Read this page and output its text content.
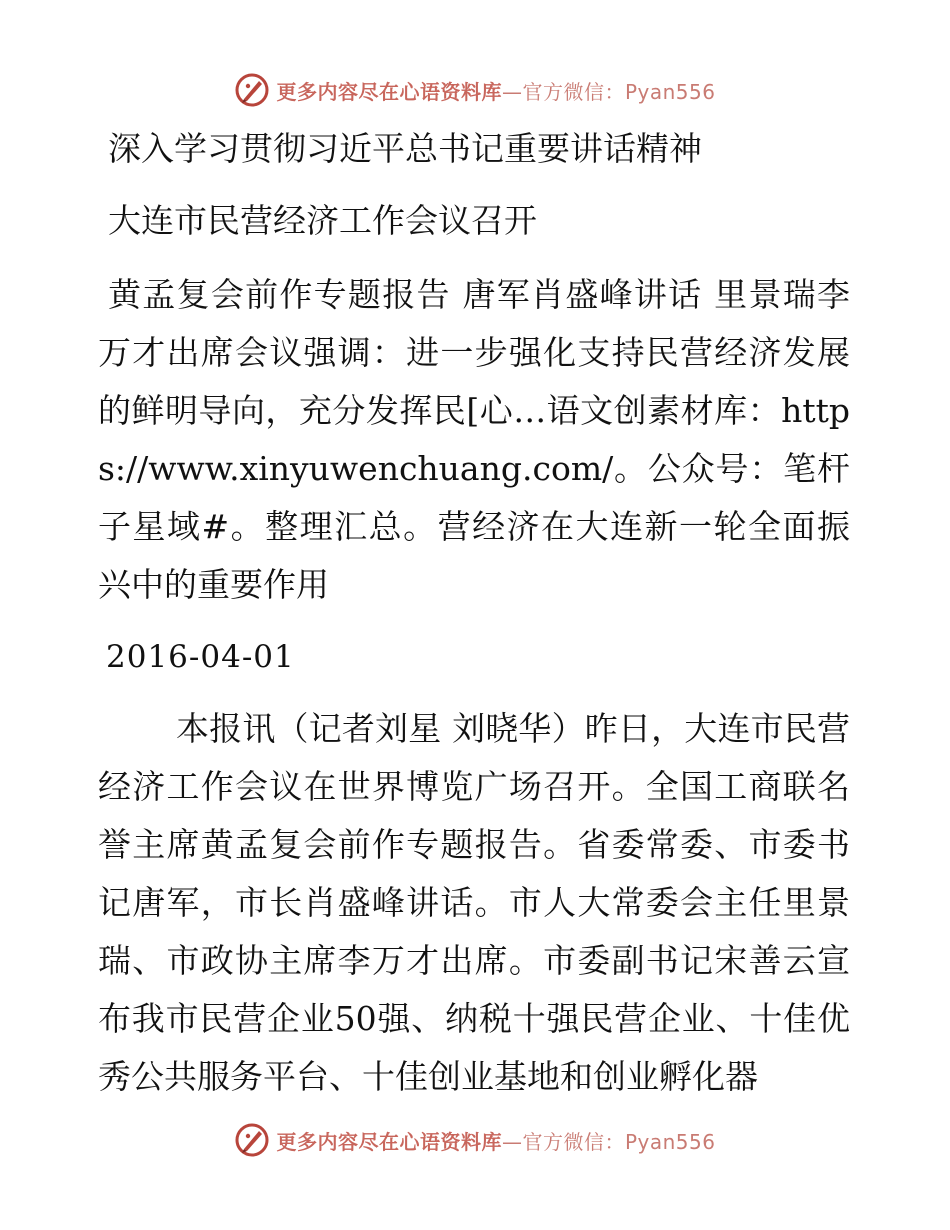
更多内容尽在心语资料库—官方微信：Pyan556
深入学习贯彻习近平总书记重要讲话精神
大连市民营经济工作会议召开

黄孟复会前作专题报告 唐军肖盛峰讲话 里景瑞李万才出席会议强调：进一步强化支持民营经济发展的鲜明导向，充分发挥民[心…语文创素材库：https://www.xinyuwenchuang.com/。公众号：笔杆子星域#。整理汇总。营经济在大连新一轮全面振兴中的重要作用

2016-04-01

本报讯（记者刘星 刘晓华）昨日，大连市民营经济工作会议在世界博览广场召开。全国工商联名誉主席黄孟复会前作专题报告。省委常委、市委书记唐军，市长肖盛峰讲话。市人大常委会主任里景瑞、市政协主席李万才出席。市委副书记宋善云宣布我市民营企业50强、纳税十强民营企业、十佳优秀公共服务平台、十佳创业基地和创业孵化器

更多内容尽在心语资料库—官方微信：Pyan556
